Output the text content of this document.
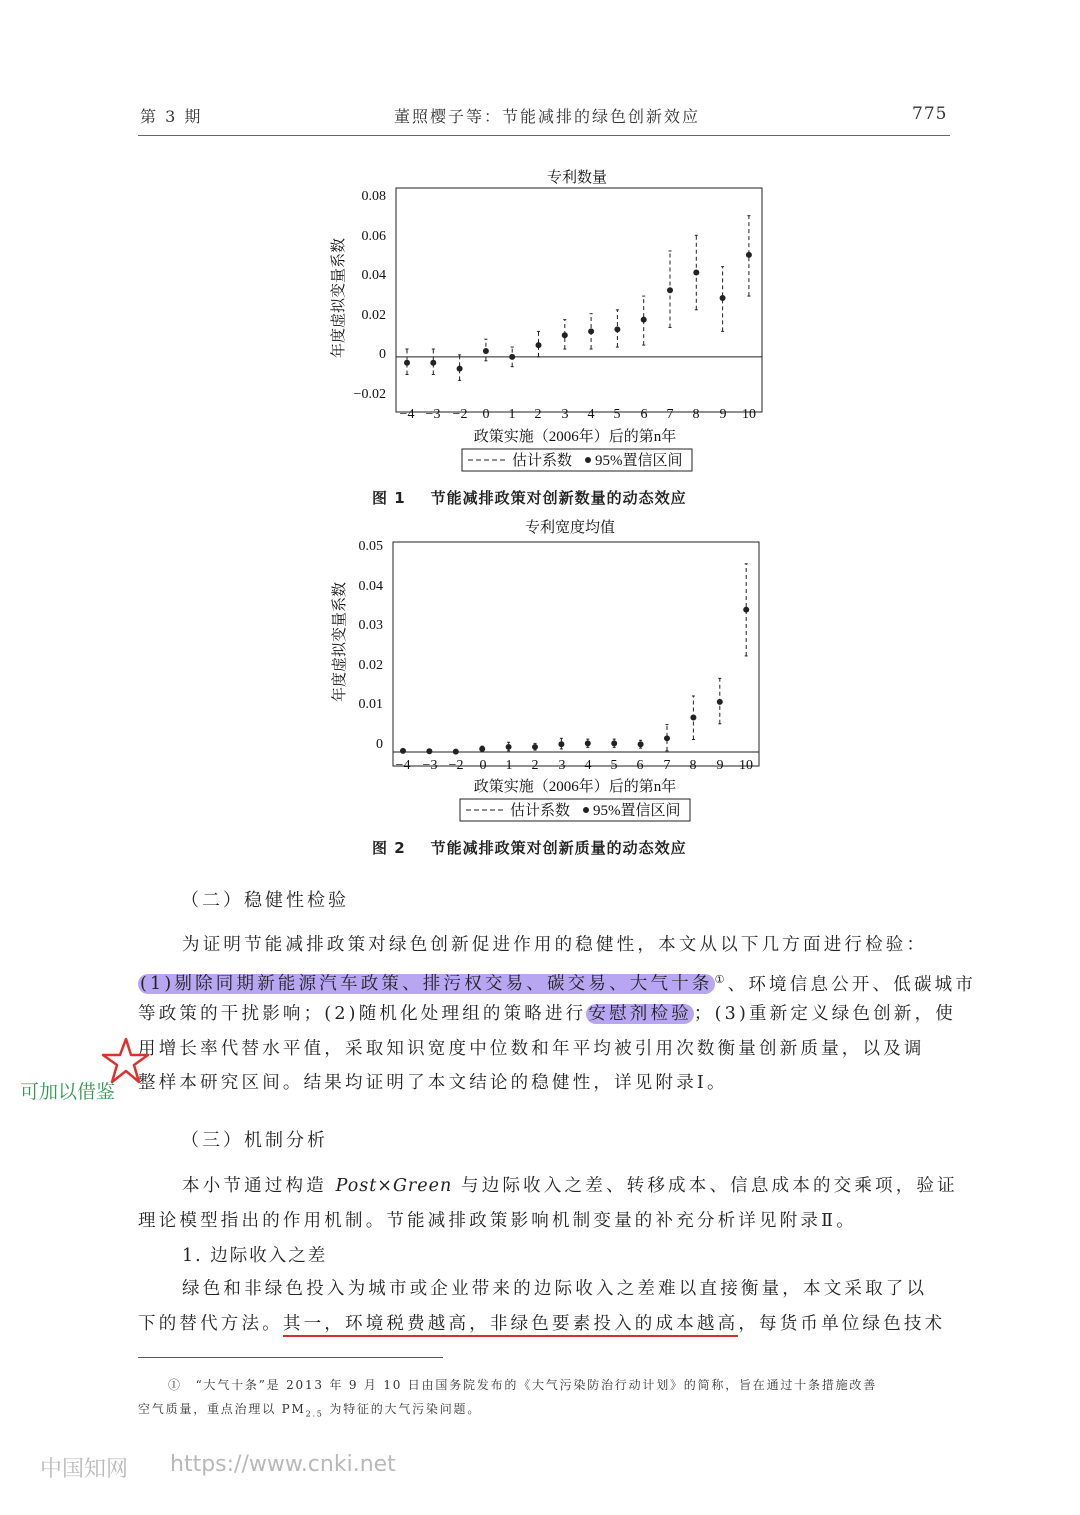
第 3 期	董照樱子等：节能减排的绿色创新效应	775
专利数量
−0.02
0
0.02
0.04
0.06
0.08
−4 −3 −2 0 1 2 3 4 5 6 7 8 9 10
政策实施（2006年）后的第n年
年度虚拟变量系数
估计系数 95%置信区间
图 1 节能减排政策对创新数量的动态效应
专利宽度均值
0
0.01
0.02
0.03
0.04
0.05
−4 −3 −2 0 1 2 3 4 5 6 7 8 9 10
政策实施（2006年）后的第n年
年度虚拟变量系数
估计系数 95%置信区间
图 2 节能减排政策对创新质量的动态效应
（二）稳健性检验
为证明节能减排政策对绿色创新促进作用的稳健性，本文从以下几方面进行检验：
(1)剔除同期新能源汽车政策、排污权交易、碳交易、大气十条 ①、环境信息公开、低碳城市
等政策的干扰影响；(2)随机化处理组的策略进行 安慰剂检验 ；(3)重新定义绿色创新，使
用增长率代替水平值，采取知识宽度中位数和年平均被引用次数衡量创新质量，以及调
整样本研究区间。结果均证明了本文结论的稳健性，详见附录Ⅰ。
可加以借鉴
（三）机制分析
本小节通过构造 Post×Green 与边际收入之差、转移成本、信息成本的交乘项，验证
理论模型指出的作用机制。节能减排政策影响机制变量的补充分析详见附录Ⅱ。
1. 边际收入之差
绿色和非绿色投入为城市或企业带来的边际收入之差难以直接衡量，本文采取了以
下的替代方法。其一，环境税费越高，非绿色要素投入的成本越高，每货币单位绿色技术
①　“大气十条”是 2013 年 9 月 10 日由国务院发布的《大气污染防治行动计划》的简称，旨在通过十条措施改善
空气质量，重点治理以 $PM_{2.5}$ 为特征的大气污染问题。
中国知网 https://www.cnki.net
